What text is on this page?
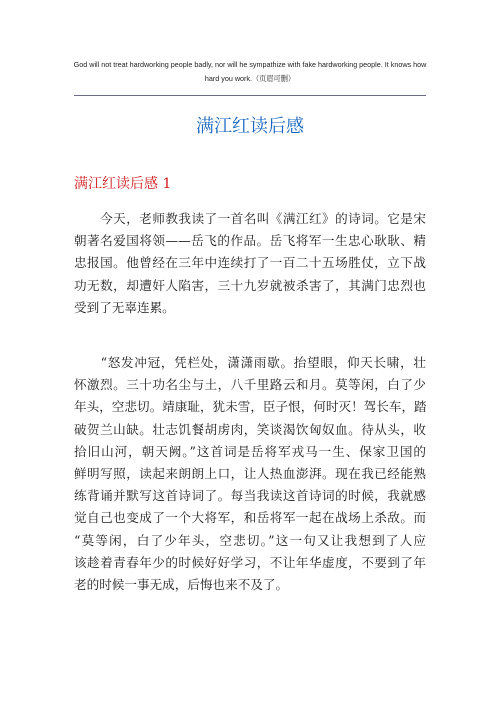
God will not treat hardworking people badly, nor will he sympathize with fake hardworking people. It knows how
hard you work.（页眉可删）
满江红读后感
满江红读后感 1
　　今天，老师教我读了一首名叫《满江红》的诗词。它是宋
朝著名爱国将领——岳飞的作品。岳飞将军一生忠心耿耿、精
忠报国。他曾经在三年中连续打了一百二十五场胜仗，立下战
功无数，却遭奸人陷害，三十九岁就被杀害了，其满门忠烈也
受到了无辜连累。
　　“怒发冲冠，凭栏处，潇潇雨歇。抬望眼，仰天长啸，壮
怀激烈。三十功名尘与土，八千里路云和月。莫等闲，白了少
年头，空悲切。靖康耻，犹未雪，臣子恨，何时灭！驾长车，踏
破贺兰山缺。壮志饥餐胡虏肉，笑谈渴饮匈奴血。待从头，收
拾旧山河，朝天阙。”这首词是岳将军戎马一生、保家卫国的
鲜明写照，读起来朗朗上口，让人热血澎湃。现在我已经能熟
练背诵并默写这首诗词了。每当我读这首诗词的时候，我就感
觉自己也变成了一个大将军，和岳将军一起在战场上杀敌。而
“莫等闲，白了少年头，空悲切。”这一句又让我想到了人应
该趁着青春年少的时候好好学习，不让年华虚度，不要到了年
老的时候一事无成，后悔也来不及了。
